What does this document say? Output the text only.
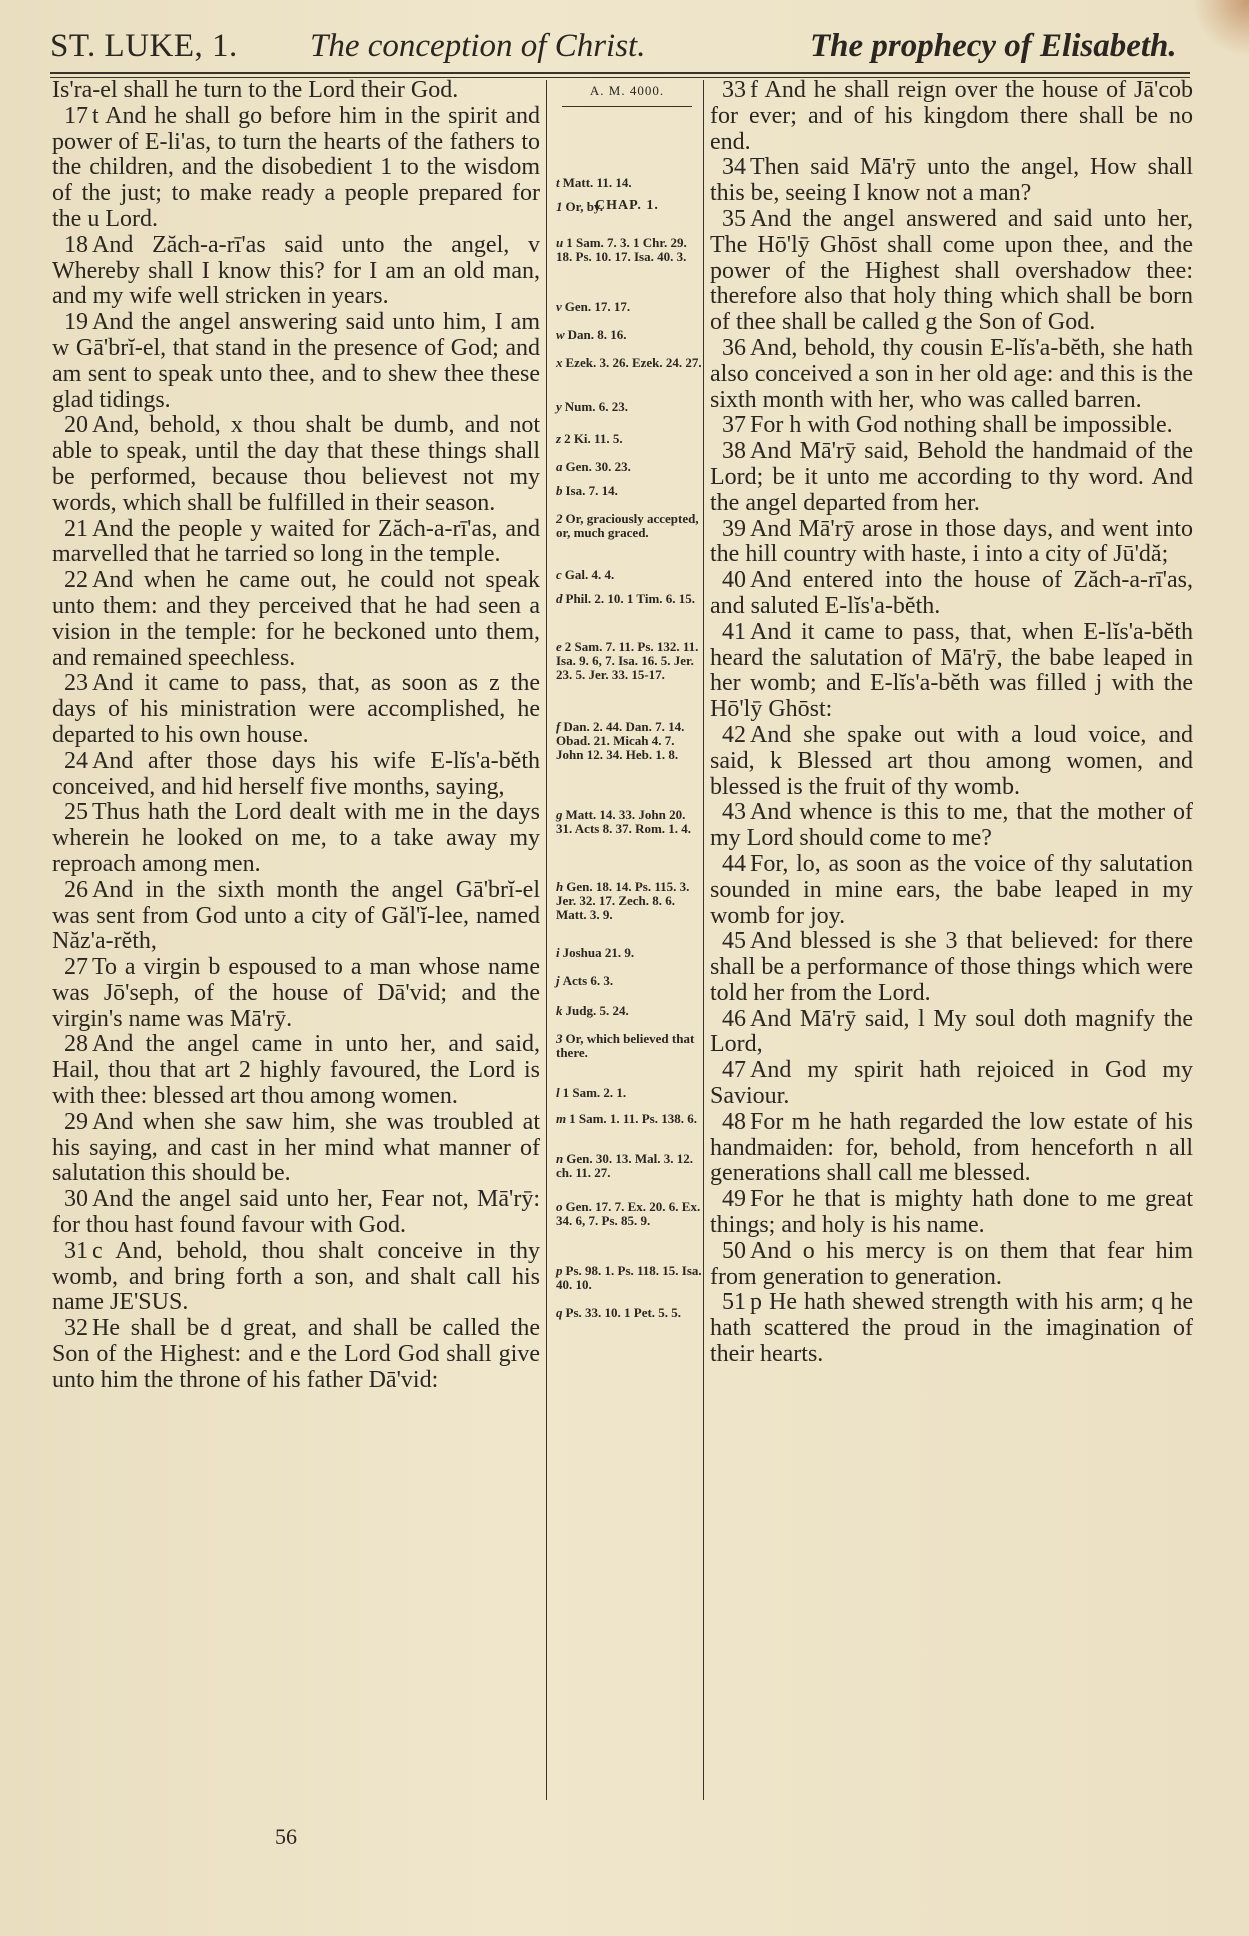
ST. LUKE, 1. The conception of Christ.	The prophecy of Elisabeth.

Is'ra-el shall he turn to the Lord their God.

17 t And he shall go before him in the spirit and power of E-li'as, to turn the hearts of the fathers to the children, and the disobedient 1 to the wisdom of the just; to make ready a people prepared for the u Lord.

18 And Zăch-a-rī'as said unto the angel, v Whereby shall I know this? for I am an old man, and my wife well stricken in years.

19 And the angel answering said unto him, I am w Gā'brĭ-el, that stand in the presence of God; and am sent to speak unto thee, and to shew thee these glad tidings.

20 And, behold, x thou shalt be dumb, and not able to speak, until the day that these things shall be performed, because thou believest not my words, which shall be fulfilled in their season.

21 And the people y waited for Zăch-a-rī'as, and marvelled that he tarried so long in the temple.

22 And when he came out, he could not speak unto them: and they perceived that he had seen a vision in the temple: for he beckoned unto them, and remained speechless.

23 And it came to pass, that, as soon as z the days of his ministration were accomplished, he departed to his own house.

24 And after those days his wife E-lĭs'a-bĕth conceived, and hid herself five months, saying,

25 Thus hath the Lord dealt with me in the days wherein he looked on me, to a take away my reproach among men.

26 And in the sixth month the angel Gā'brĭ-el was sent from God unto a city of Găl'ĭ-lee, named Năz'a-rĕth,

27 To a virgin b espoused to a man whose name was Jō'seph, of the house of Dā'vid; and the virgin's name was Mā'rȳ.

28 And the angel came in unto her, and said, Hail, thou that art 2 highly favoured, the Lord is with thee: blessed art thou among women.

29 And when she saw him, she was troubled at his saying, and cast in her mind what manner of salutation this should be.

30 And the angel said unto her, Fear not, Mā'rȳ: for thou hast found favour with God.

31 c And, behold, thou shalt conceive in thy womb, and bring forth a son, and shalt call his name JE'SUS.

32 He shall be d great, and shall be called the Son of the Highest: and e the Lord God shall give unto him the throne of his father Dā'vid:

A. M. 4000.
CHAP. 1.
t Matt. 11. 14.
1 Or, by.
u 1 Sam. 7. 3. 1 Chr. 29. 18. Ps. 10. 17. Isa. 40. 3.
v Gen. 17. 17.
w Dan. 8. 16.
x Ezek. 3. 26. Ezek. 24. 27.
y Num. 6. 23.
z 2 Ki. 11. 5.
a Gen. 30. 23.
b Isa. 7. 14.
2 Or, graciously accepted, or, much graced.
c Gal. 4. 4.
d Phil. 2. 10. 1 Tim. 6. 15.
e 2 Sam. 7. 11. Ps. 132. 11. Isa. 9. 6, 7. Isa. 16. 5. Jer. 23. 5. Jer. 33. 15-17.
f Dan. 2. 44. Dan. 7. 14. Obad. 21. Micah 4. 7. John 12. 34. Heb. 1. 8.
g Matt. 14. 33. John 20. 31. Acts 8. 37. Rom. 1. 4.
h Gen. 18. 14. Ps. 115. 3. Jer. 32. 17. Zech. 8. 6. Matt. 3. 9.
i Joshua 21. 9.
j Acts 6. 3.
k Judg. 5. 24.
3 Or, which believed that there.
l 1 Sam. 2. 1.
m 1 Sam. 1. 11. Ps. 138. 6.
n Gen. 30. 13. Mal. 3. 12. ch. 11. 27.
o Gen. 17. 7. Ex. 20. 6. Ex. 34. 6, 7. Ps. 85. 9.
p Ps. 98. 1. Ps. 118. 15. Isa. 40. 10.
q Ps. 33. 10. 1 Pet. 5. 5.

33 f And he shall reign over the house of Jā'cob for ever; and of his kingdom there shall be no end.

34 Then said Mā'rȳ unto the angel, How shall this be, seeing I know not a man?

35 And the angel answered and said unto her, The Hō'lȳ Ghōst shall come upon thee, and the power of the Highest shall overshadow thee: therefore also that holy thing which shall be born of thee shall be called g the Son of God.

36 And, behold, thy cousin E-lĭs'a-bĕth, she hath also conceived a son in her old age: and this is the sixth month with her, who was called barren.

37 For h with God nothing shall be impossible.

38 And Mā'rȳ said, Behold the handmaid of the Lord; be it unto me according to thy word. And the angel departed from her.

39 And Mā'rȳ arose in those days, and went into the hill country with haste, i into a city of Jū'dă;

40 And entered into the house of Zăch-a-rī'as, and saluted E-lĭs'a-bĕth.

41 And it came to pass, that, when E-lĭs'a-bĕth heard the salutation of Mā'rȳ, the babe leaped in her womb; and E-lĭs'a-bĕth was filled j with the Hō'lȳ Ghōst:

42 And she spake out with a loud voice, and said, k Blessed art thou among women, and blessed is the fruit of thy womb.

43 And whence is this to me, that the mother of my Lord should come to me?

44 For, lo, as soon as the voice of thy salutation sounded in mine ears, the babe leaped in my womb for joy.

45 And blessed is she 3 that believed: for there shall be a performance of those things which were told her from the Lord.

46 And Mā'rȳ said, l My soul doth magnify the Lord,

47 And my spirit hath rejoiced in God my Saviour.

48 For m he hath regarded the low estate of his handmaiden: for, behold, from henceforth n all generations shall call me blessed.

49 For he that is mighty hath done to me great things; and holy is his name.

50 And o his mercy is on them that fear him from generation to generation.

51 p He hath shewed strength with his arm; q he hath scattered the proud in the imagination of their hearts.

56
